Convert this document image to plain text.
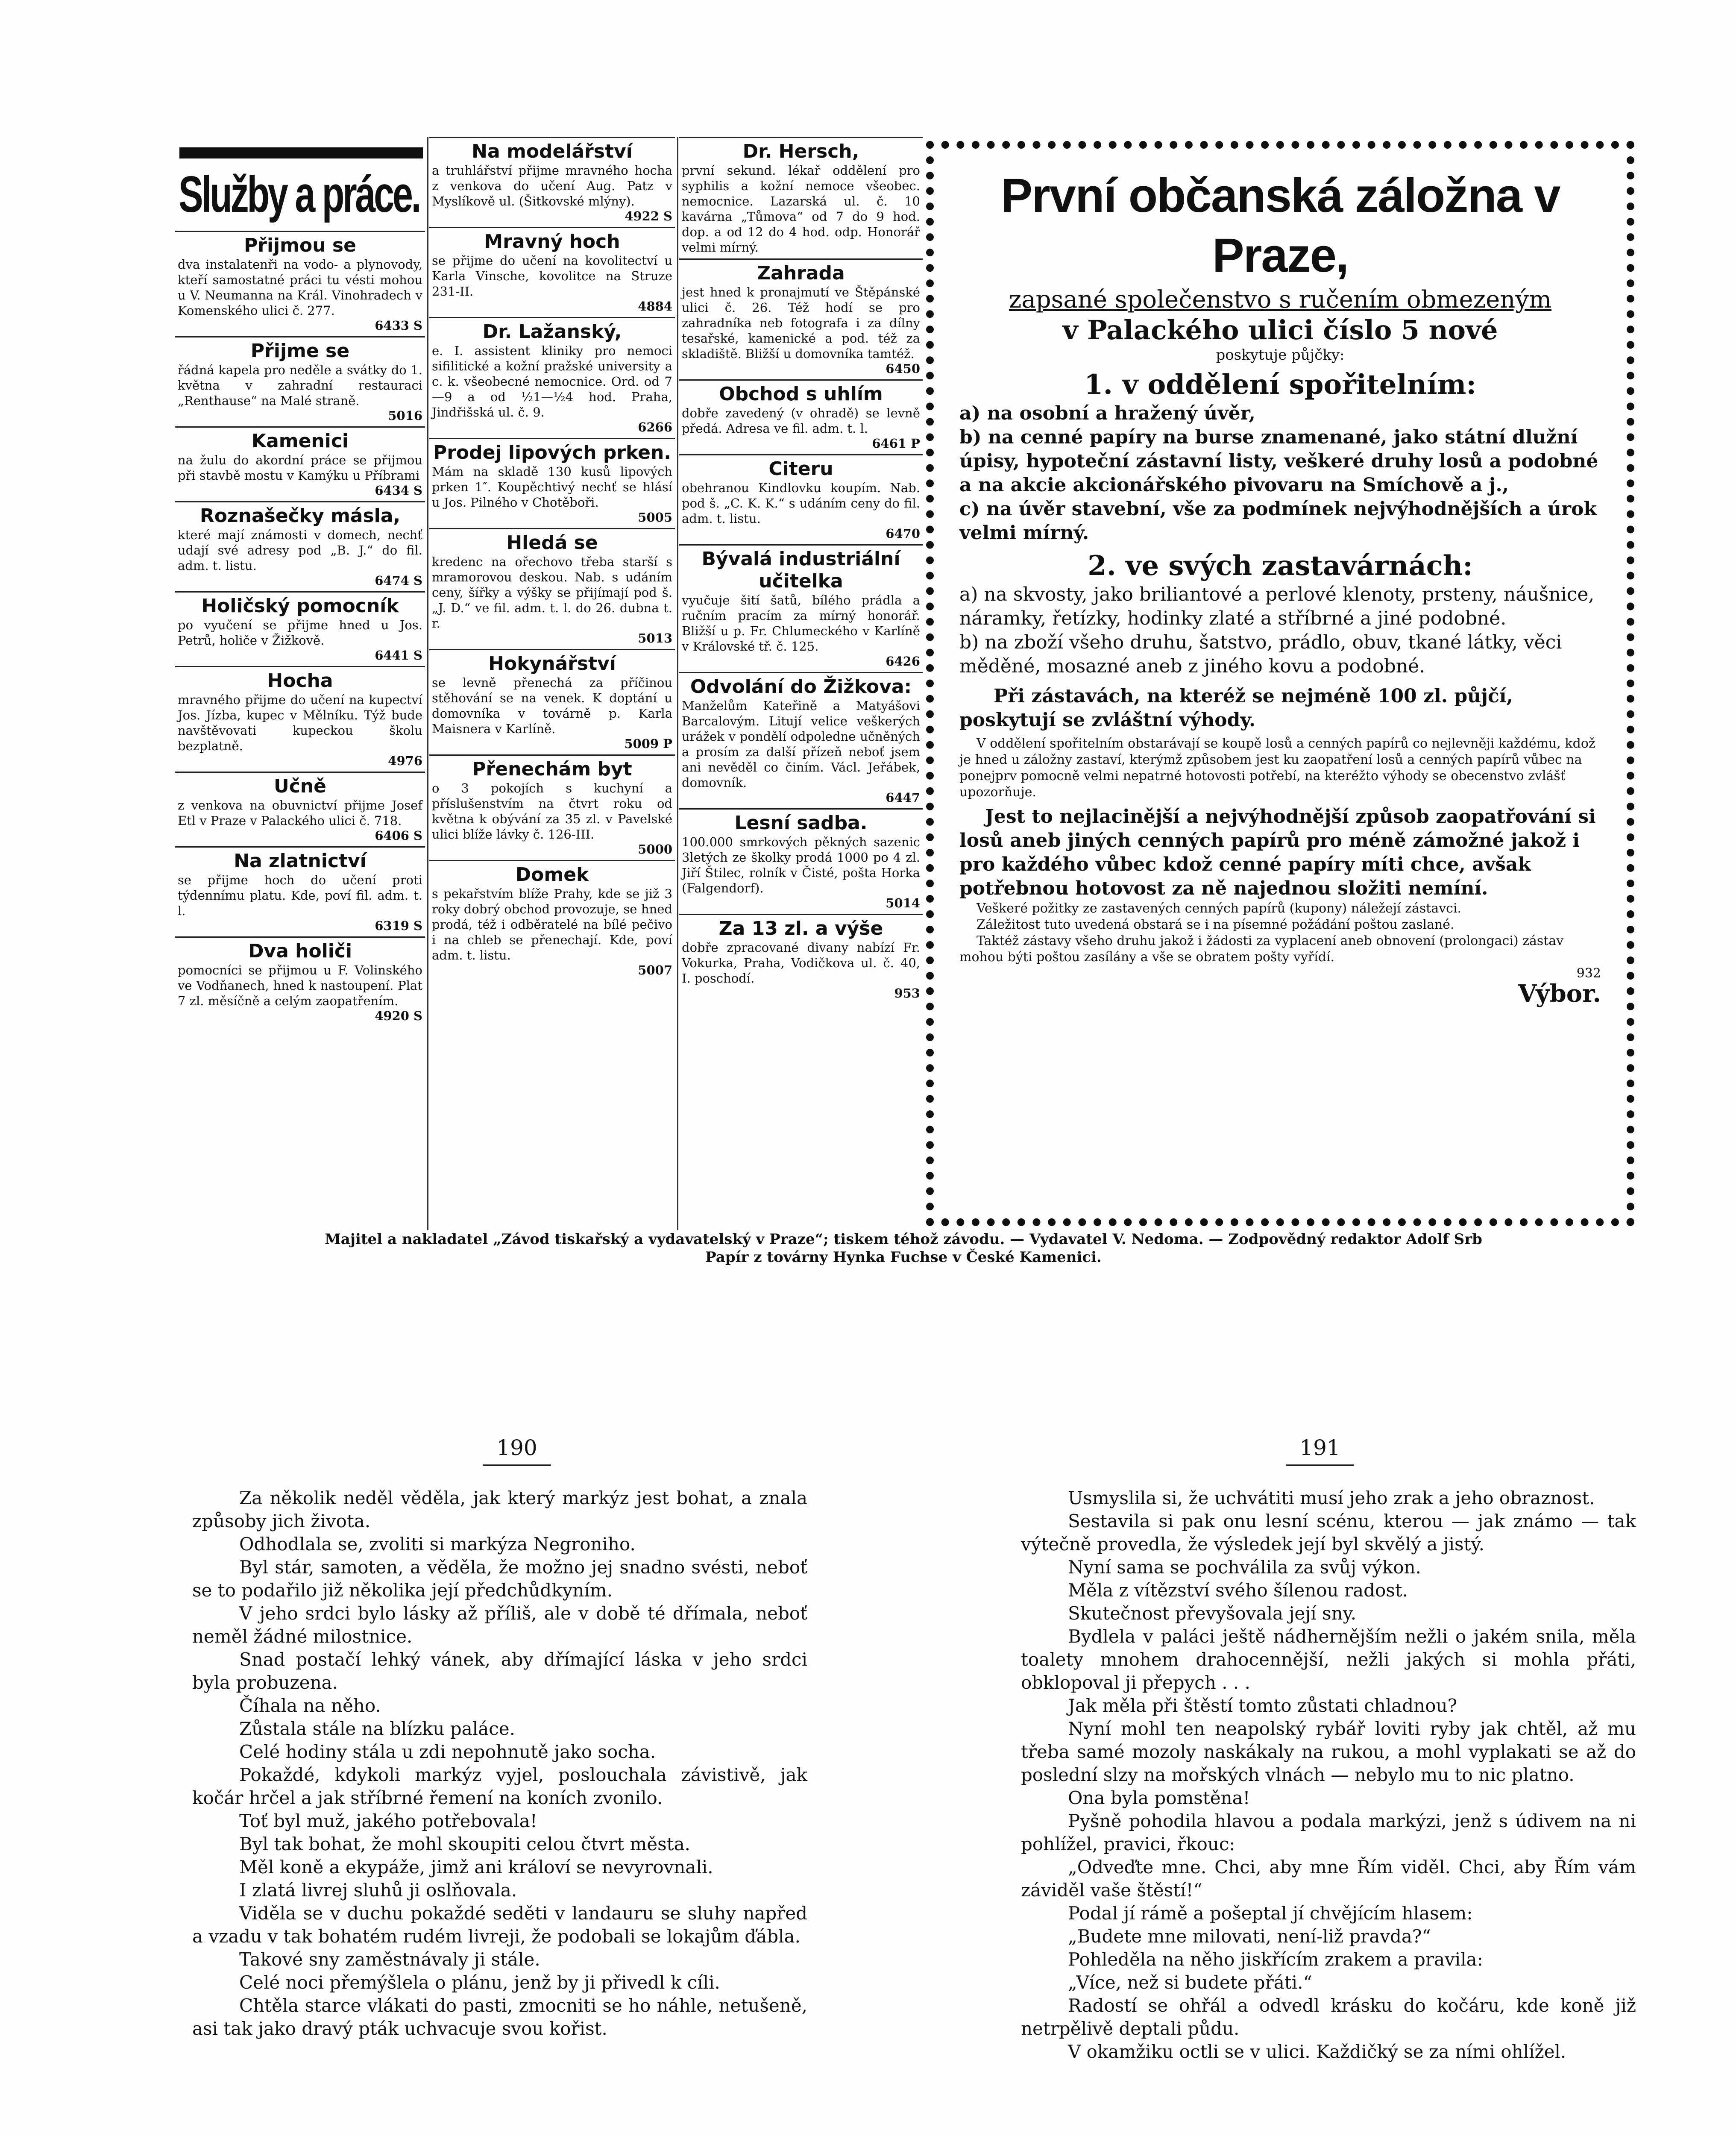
Služby a práce.
Přijmou se

dva instalatenři na vodo- a plynovody, kteří samostatné práci tu vésti mohou u V. Neumanna na Král. Vinohradech v Komenského ulici č. 277.

6433 S
Přijme se

řádná kapela pro neděle a svátky do 1. května v zahradní restauraci „Renthause“ na Malé straně.

5016
Kamenici

na žulu do akordní práce se přijmou při stavbě mostu v Kamýku u Příbrami

6434 S
Roznašečky másla,

které mají známosti v domech, nechť udají své adresy pod „B. J.“ do fil. adm. t. listu.

6474 S
Holičský pomocník

po vyučení se přijme hned u Jos. Petrů, holiče v Žižkově.

6441 S
Hocha

mravného přijme do učení na kupectví Jos. Jízba, kupec v Mělníku. Týž bude navštěvovati kupeckou školu bezplatně.

4976
Učně

z venkova na obuvnictví přijme Josef Etl v Praze v Palackého ulici č. 718.

6406 S
Na zlatnictví

se přijme hoch do učení proti týdennímu platu. Kde, poví fil. adm. t. l.

6319 S
Dva holiči

pomocníci se přijmou u F. Volinského ve Vodňanech, hned k nastoupení. Plat 7 zl. měsíčně a celým zaopatřením.

4920 S
Na modelářství

a truhlářství přijme mravného hocha z venkova do učení Aug. Patz v Myslíkově ul. (Šitkovské mlýny).

4922 S
Mravný hoch

se přijme do učení na kovolitectví u Karla Vinsche, kovolitce na Struze 231-II.

4884
Dr. Lažanský,

e. I. assistent kliniky pro nemoci sifilitické a kožní pražské university a c. k. všeobecné nemocnice. Ord. od 7—9 a od ½1—½4 hod. Praha, Jindřišská ul. č. 9.

6266
Prodej lipových prken.

Mám na skladě 130 kusů lipových prken 1″. Koupěchtivý nechť se hlásí u Jos. Pilného v Chotěboři.

5005
Hledá se

kredenc na ořechovo třeba starší s mramorovou deskou. Nab. s udáním ceny, šířky a výšky se přijímají pod š. „J. D.“ ve fil. adm. t. l. do 26. dubna t. r.

5013
Hokynářství

se levně přenechá za příčinou stěhování se na venek. K doptání u domovníka v továrně p. Karla Maisnera v Karlíně.

5009 P
Přenechám byt

o 3 pokojích s kuchyní a příslušenstvím na čtvrt roku od května k obývání za 35 zl. v Pavelské ulici blíže lávky č. 126-III.

5000
Domek

s pekařstvím blíže Prahy, kde se již 3 roky dobrý obchod provozuje, se hned prodá, též i odběratelé na bílé pečivo i na chleb se přenechají. Kde, poví adm. t. listu.

5007
Dr. Hersch,

první sekund. lékař oddělení pro syphilis a kožní nemoce všeobec. nemocnice. Lazarská ul. č. 10 kavárna „Tůmova“ od 7 do 9 hod. dop. a od 12 do 4 hod. odp. Honorář velmi mírný.

Zahrada

jest hned k pronajmutí ve Štěpánské ulici č. 26. Též hodí se pro zahradníka neb fotografa i za dílny tesařské, kamenické a pod. též za skladiště. Bližší u domovníka tamtéž.

6450
Obchod s uhlím

dobře zavedený (v ohradě) se levně předá. Adresa ve fil. adm. t. l.

6461 P
Citeru

obehranou Kindlovku koupím. Nab. pod š. „C. K. K.“ s udáním ceny do fil. adm. t. listu.

6470
Bývalá industriální učitelka

vyučuje šití šatů, bílého prádla a ručním pracím za mírný honorář. Bližší u p. Fr. Chlumeckého v Karlíně v Královské tř. č. 125.

6426
Odvolání do Žižkova:

Manželům Kateřině a Matyášovi Barcalovým. Litují velice veškerých urážek v pondělí odpoledne učněných a prosím za další přízeň neboť jsem ani nevěděl co činím. Václ. Jeřábek, domovník.

6447
Lesní sadba.

100.000 smrkových pěkných sazenic 3letých ze školky prodá 1000 po 4 zl. Jiří Štilec, rolník v Čisté, pošta Horka (Falgendorf).

5014
Za 13 zl. a výše

dobře zpracované divany nabízí Fr. Vokurka, Praha, Vodičkova ul. č. 40, I. poschodí.

953
První občanská záložna v Praze,
zapsané společenstvo s ručením obmezeným
v Palackého ulici číslo 5 nové
poskytuje půjčky:
1. v oddělení spořitelním:
a) na osobní a hražený úvěr,
b) na cenné papíry na burse znamenané, jako státní dlužní úpisy, hypoteční zástavní listy, veškeré druhy losů a podobné a na akcie akcionářského pivovaru na Smíchově a j.,
c) na úvěr stavební, vše za podmínek nejvýhodnějších a úrok velmi mírný.
2. ve svých zastavárnách:
a) na skvosty, jako briliantové a perlové klenoty, prsteny, náušnice, náramky, řetízky, hodinky zlaté a stříbrné a jiné podobné.
b) na zboží všeho druhu, šatstvo, prádlo, obuv, tkané látky, věci měděné, mosazné aneb z jiného kovu a podobné.
Při zástavách, na kteréž se nejméně 100 zl. půjčí, poskytují se zvláštní výhody.
V oddělení spořitelním obstarávají se koupě losů a cenných papírů co nejlevněji každému, kdož je hned u záložny zastaví, kterýmž způsobem jest ku zaopatření losů a cenných papírů vůbec na ponejprv pomocně velmi nepatrné hotovosti potřebí, na kteréžto výhody se obecenstvo zvlášť upozorňuje.
Jest to nejlacinější a nejvýhodnější způsob zaopatřování si losů aneb jiných cenných papírů pro méně zámožné jakož i pro každého vůbec kdož cenné papíry míti chce, avšak potřebnou hotovost za ně najednou složiti nemíní.
Veškeré požitky ze zastavených cenných papírů (kupony) náležejí zástavci.
Záležitost tuto uvedená obstará se i na písemné požádání poštou zaslané.
Taktéž zástavy všeho druhu jakož i žádosti za vyplacení aneb obnovení (prolongaci) zástav mohou býti poštou zasílány a vše se obratem pošty vyřídí.
932
Výbor.
Majitel a nakladatel „Závod tiskařský a vydavatelský v Praze“; tiskem téhož závodu. — Vydavatel V. Nedoma. — Zodpovědný redaktor Adolf Srb
Papír z továrny Hynka Fuchse v České Kamenici.
190	191

Za několik neděl věděla, jak který markýz jest bohat, a znala způsoby jich života.

Odhodlala se, zvoliti si markýza Negroniho.

Byl stár, samoten, a věděla, že možno jej snadno svésti, neboť se to podařilo již několika její předchůdkyním.

V jeho srdci bylo lásky až příliš, ale v době té dřímala, neboť neměl žádné milostnice.

Snad postačí lehký vánek, aby dřímající láska v jeho srdci byla probuzena.

Číhala na něho.

Zůstala stále na blízku paláce.

Celé hodiny stála u zdi nepohnutě jako socha.

Pokaždé, kdykoli markýz vyjel, poslouchala závistivě, jak kočár hrčel a jak stříbrné řemení na koních zvonilo.

Toť byl muž, jakého potřebovala!

Byl tak bohat, že mohl skoupiti celou čtvrt města.

Měl koně a ekypáže, jimž ani královí se nevyrovnali.

I zlatá livrej sluhů ji oslňovala.

Viděla se v duchu pokaždé seděti v landauru se sluhy napřed a vzadu v tak bohatém rudém livreji, že podobali se lokajům ďábla.

Takové sny zaměstnávaly ji stále.

Celé noci přemýšlela o plánu, jenž by ji přivedl k cíli.

Chtěla starce vlákati do pasti, zmocniti se ho náhle, netušeně, asi tak jako dravý pták uchvacuje svou kořist.

Usmyslila si, že uchvátiti musí jeho zrak a jeho obraznost.

Sestavila si pak onu lesní scénu, kterou — jak známo — tak výtečně provedla, že výsledek její byl skvělý a jistý.

Nyní sama se pochválila za svůj výkon.

Měla z vítězství svého šílenou radost.

Skutečnost převyšovala její sny.

Bydlela v paláci ještě nádhernějším nežli o jakém snila, měla toalety mnohem drahocennější, nežli jakých si mohla přáti, obklopoval ji přepych . . .

Jak měla při štěstí tomto zůstati chladnou?

Nyní mohl ten neapolský rybář loviti ryby jak chtěl, až mu třeba samé mozoly naskákaly na rukou, a mohl vyplakati se až do poslední slzy na mořských vlnách — nebylo mu to nic platno.

Ona byla pomstěna!

Pyšně pohodila hlavou a podala markýzi, jenž s údivem na ni pohlížel, pravici, řkouc:

„Odveďte mne. Chci, aby mne Řím viděl. Chci, aby Řím vám záviděl vaše štěstí!“

Podal jí rámě a pošeptal jí chvějícím hlasem:

„Budete mne milovati, není-liž pravda?“

Pohleděla na něho jiskřícím zrakem a pravila:

„Více, než si budete přáti.“

Radostí se ohřál a odvedl krásku do kočáru, kde koně již netrpělivě deptali půdu.

V okamžiku octli se v ulici. Každičký se za ními ohlížel.
